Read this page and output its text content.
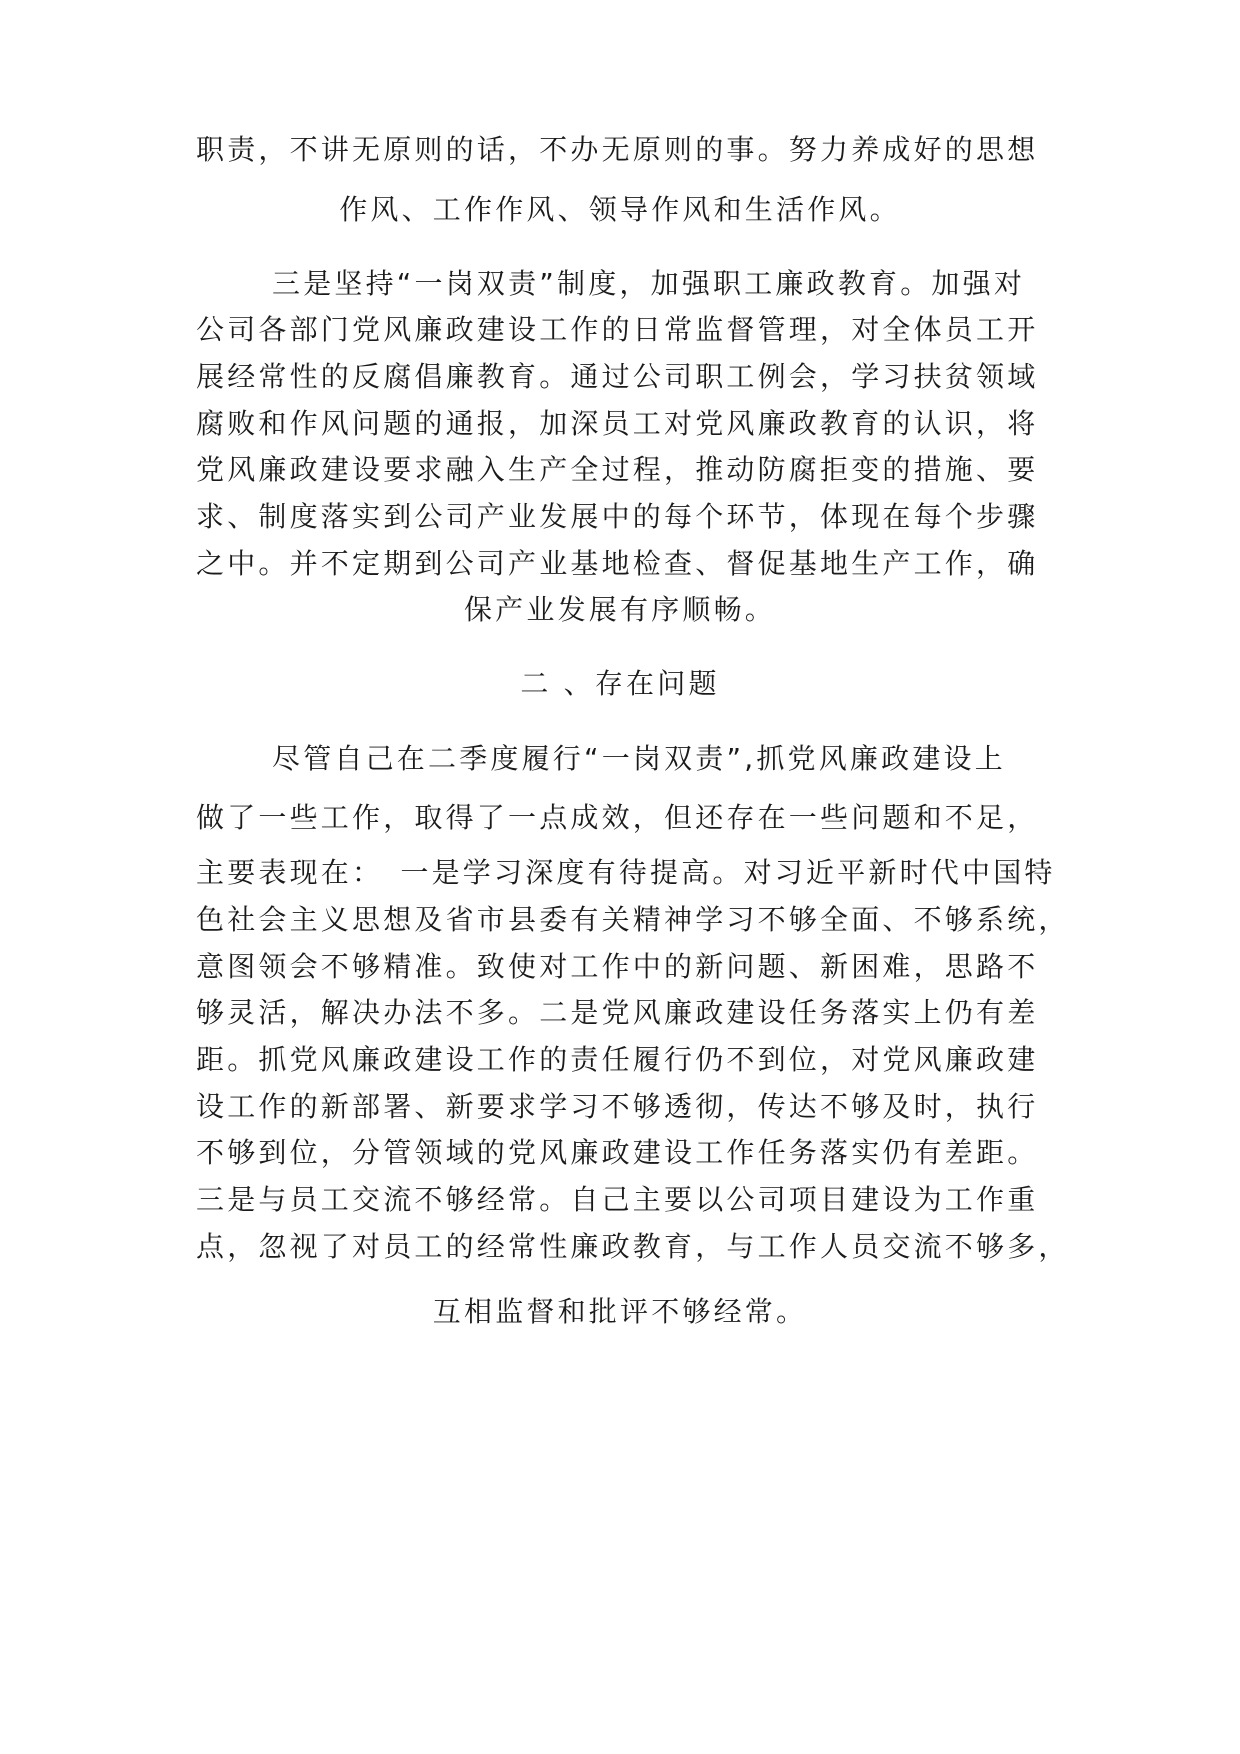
职责，不讲无原则的话，不办无原则的事。努力养成好的思想
作风、工作作风、领导作风和生活作风。
三是坚持“一岗双责”制度，加强职工廉政教育。加强对
公司各部门党风廉政建设工作的日常监督管理，对全体员工开
展经常性的反腐倡廉教育。通过公司职工例会，学习扶贫领域
腐败和作风问题的通报，加深员工对党风廉政教育的认识，将
党风廉政建设要求融入生产全过程，推动防腐拒变的措施、要
求、制度落实到公司产业发展中的每个环节，体现在每个步骤
之中。并不定期到公司产业基地检查、督促基地生产工作，确
保产业发展有序顺畅。
二 、存在问题
尽管自己在二季度履行“一岗双责”,抓党风廉政建设上
做了一些工作，取得了一点成效，但还存在一些问题和不足，
主要表现在：　一是学习深度有待提高。对习近平新时代中国特
色社会主义思想及省市县委有关精神学习不够全面、不够系统，
意图领会不够精准。致使对工作中的新问题、新困难，思路不
够灵活，解决办法不多。二是党风廉政建设任务落实上仍有差
距。抓党风廉政建设工作的责任履行仍不到位，对党风廉政建
设工作的新部署、新要求学习不够透彻，传达不够及时，执行
不够到位，分管领域的党风廉政建设工作任务落实仍有差距。
三是与员工交流不够经常。自己主要以公司项目建设为工作重
点，忽视了对员工的经常性廉政教育，与工作人员交流不够多，
互相监督和批评不够经常。
